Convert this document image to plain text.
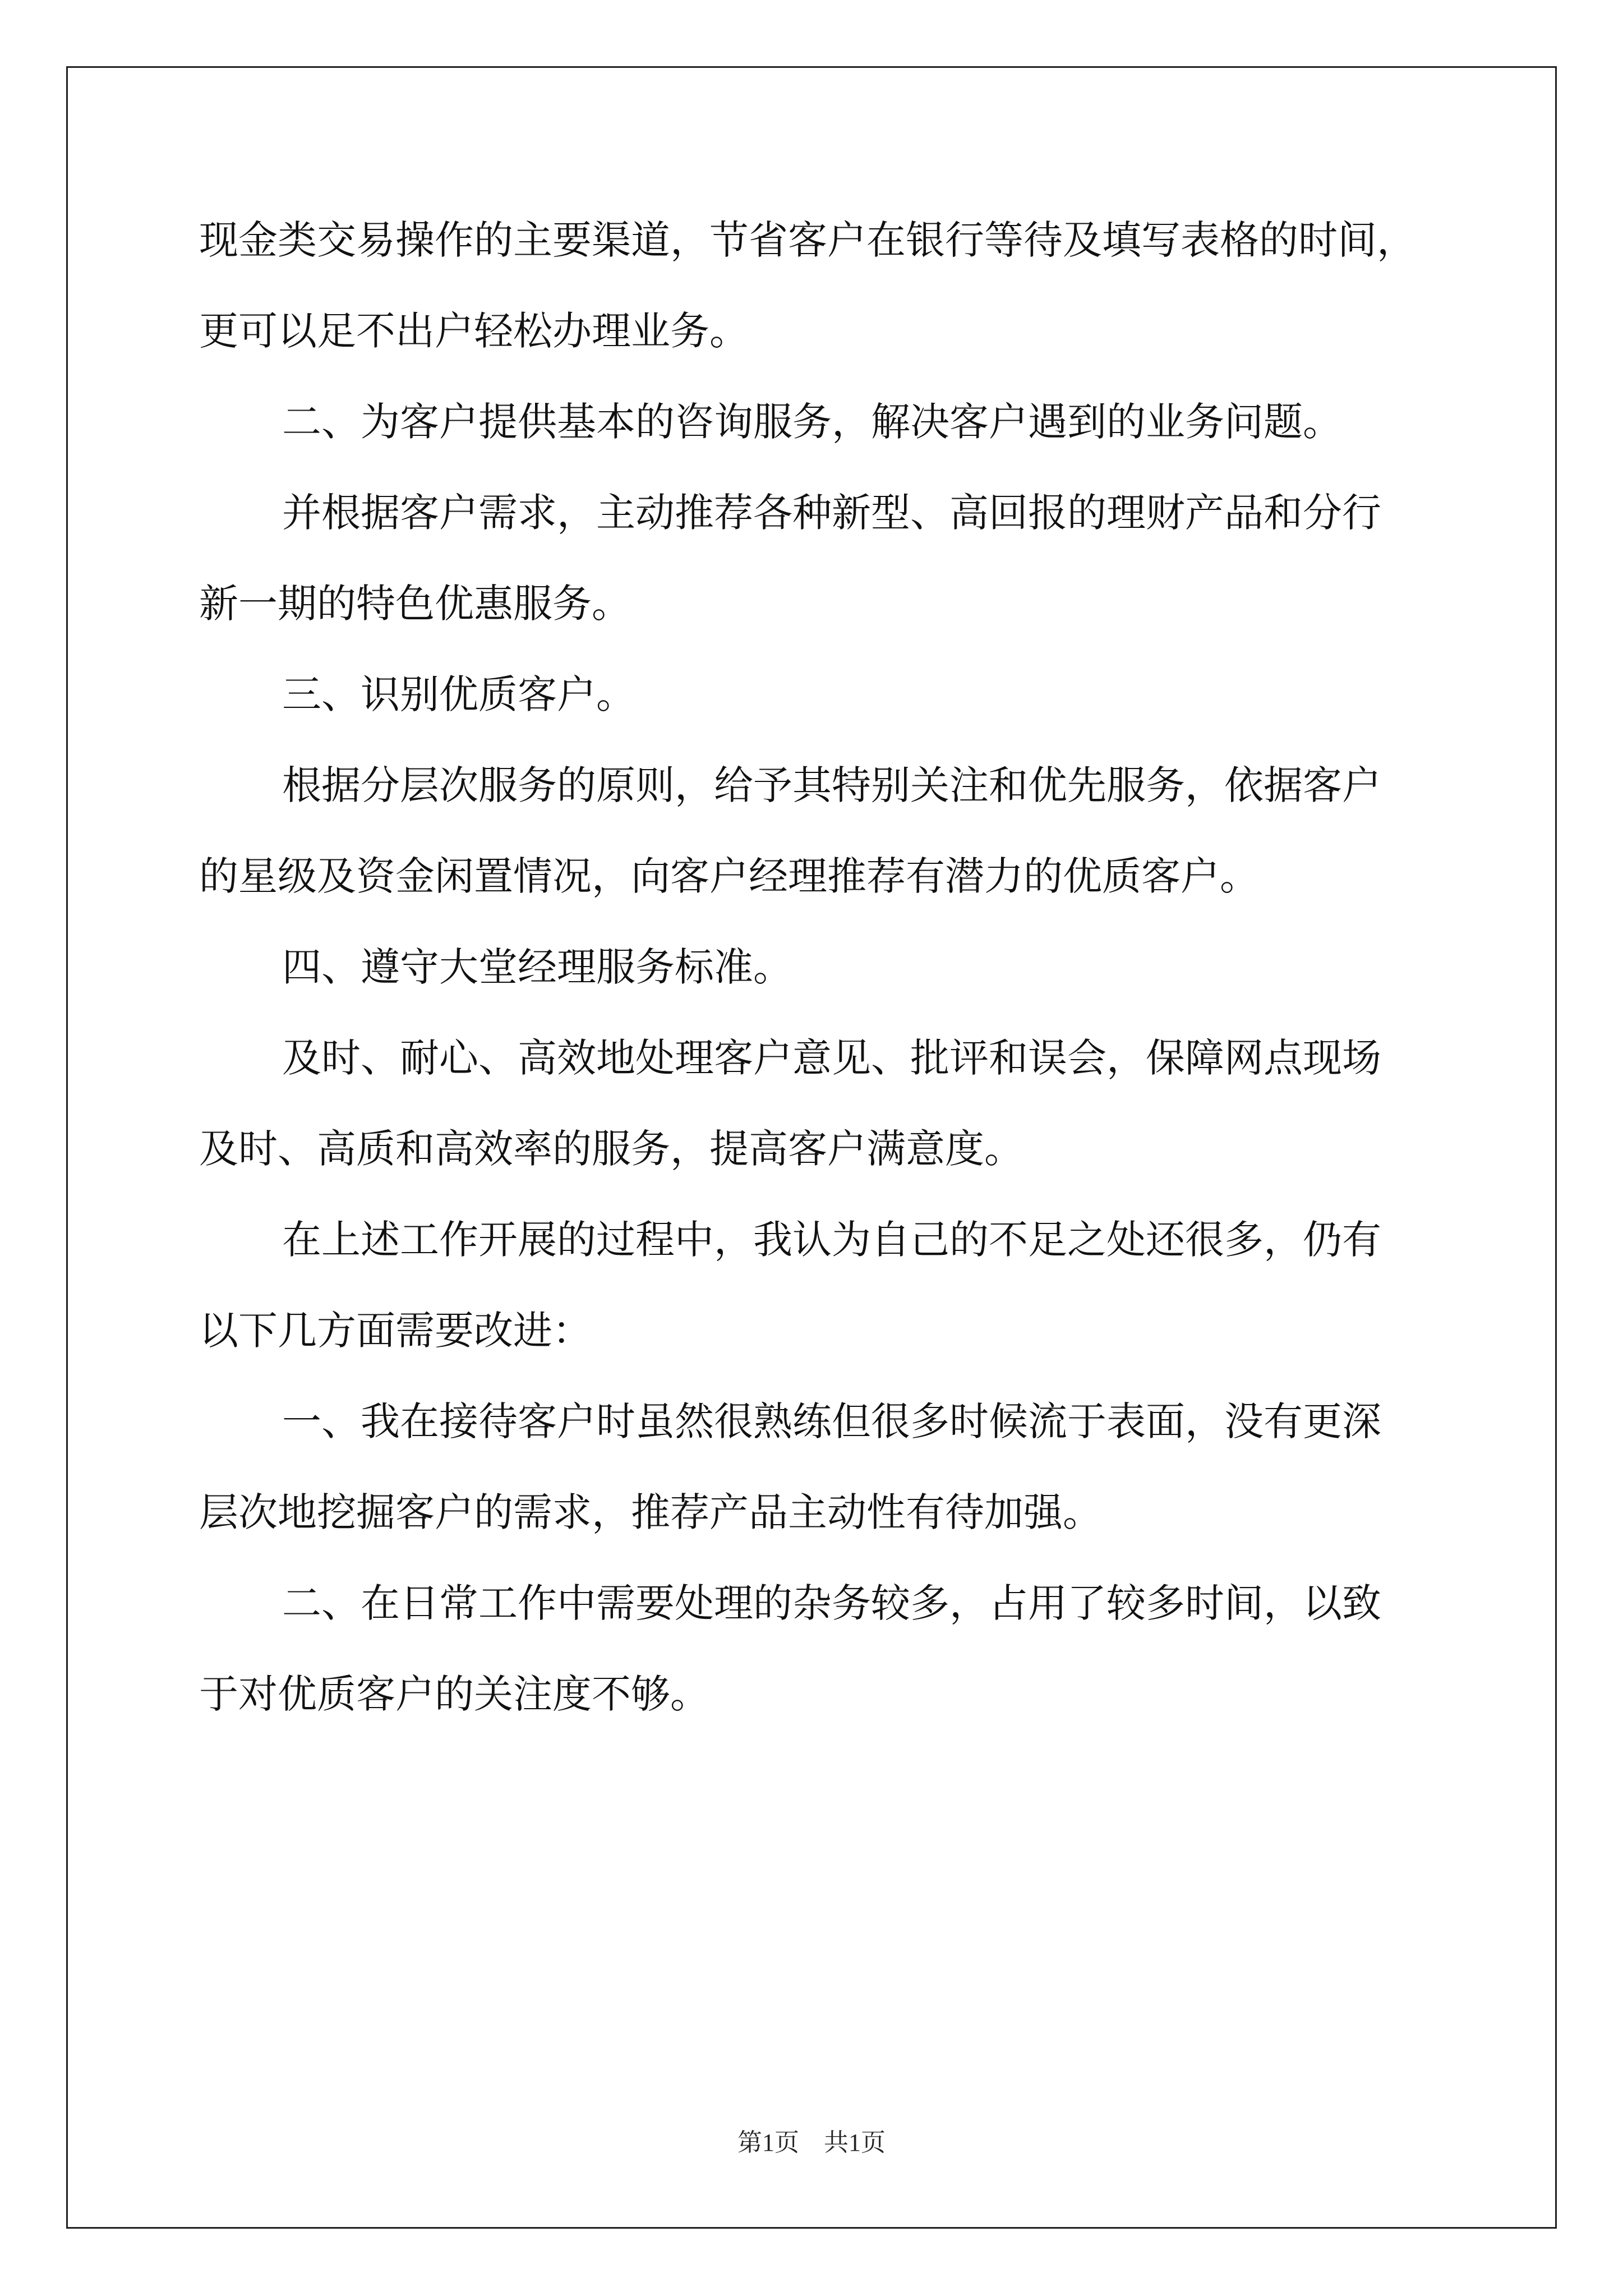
现金类交易操作的主要渠道，节省客户在银行等待及填写表格的时间，
更可以足不出户轻松办理业务。
二、为客户提供基本的咨询服务，解决客户遇到的业务问题。
并根据客户需求，主动推荐各种新型、高回报的理财产品和分行
新一期的特色优惠服务。
三、识别优质客户。
根据分层次服务的原则，给予其特别关注和优先服务，依据客户
的星级及资金闲置情况，向客户经理推荐有潜力的优质客户。
四、遵守大堂经理服务标准。
及时、耐心、高效地处理客户意见、批评和误会，保障网点现场
及时、高质和高效率的服务，提高客户满意度。
在上述工作开展的过程中，我认为自己的不足之处还很多，仍有
以下几方面需要改进：
一、我在接待客户时虽然很熟练但很多时候流于表面，没有更深
层次地挖掘客户的需求，推荐产品主动性有待加强。
二、在日常工作中需要处理的杂务较多，占用了较多时间，以致
于对优质客户的关注度不够。
第1页　共1页
